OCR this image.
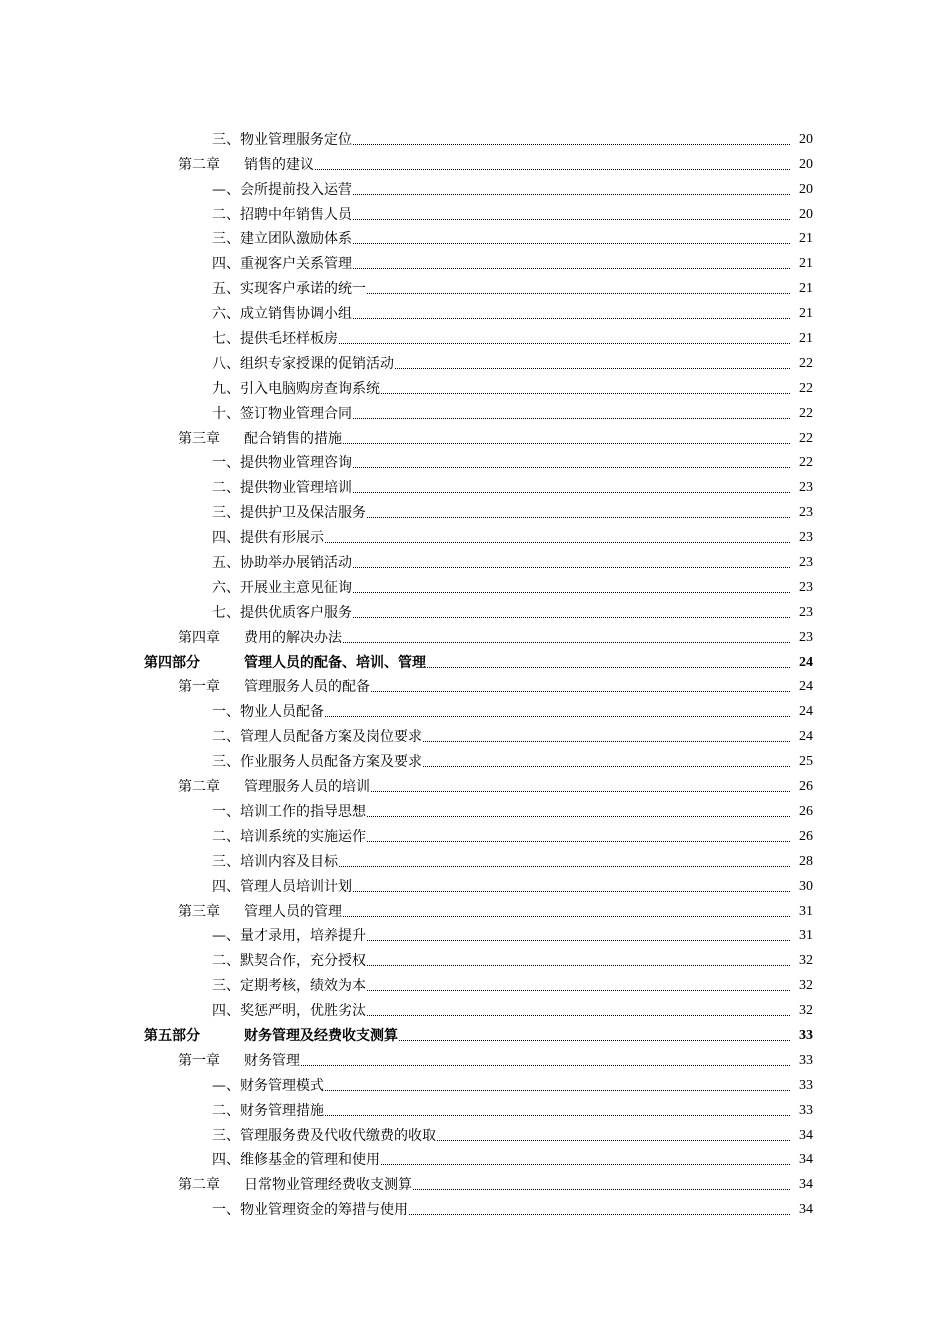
三、物业管理服务定位	20
第二章 销售的建议	20
—、会所提前投入运营	20
二、招聘中年销售人员	20
三、建立团队激励体系	21
四、重视客户关系管理	21
五、实现客户承诺的统一	21
六、成立销售协调小组	21
七、提供毛坯样板房	21
八、组织专家授课的促销活动	22
九、引入电脑购房查询系统	22
十、签订物业管理合同	22
第三章 配合销售的措施	22
一、提供物业管理咨询	22
二、提供物业管理培训	23
三、提供护卫及保洁服务	23
四、提供有形展示	23
五、协助举办展销活动	23
六、开展业主意见征询	23
七、提供优质客户服务	23
第四章 费用的解决办法	23
第四部分	管理人员的配备、培训、管理	24
第一章 管理服务人员的配备	24
一、物业人员配备	24
二、管理人员配备方案及岗位要求	24
三、作业服务人员配备方案及要求	25
第二章 管理服务人员的培训	26
一、培训工作的指导思想	26
二、培训系统的实施运作	26
三、培训内容及目标	28
四、管理人员培训计划	30
第三章 管理人员的管理	31
—、量才录用，培养提升	31
二、默契合作，充分授权	32
三、定期考核，绩效为本	32
四、奖惩严明，优胜劣汰	32
第五部分	财务管理及经费收支测算	33
第一章 财务管理	33
—、财务管理模式	33
二、财务管理措施	33
三、管理服务费及代收代缴费的收取	34
四、维修基金的管理和使用	34
第二章 日常物业管理经费收支测算	34
一、物业管理资金的筹措与使用	34
